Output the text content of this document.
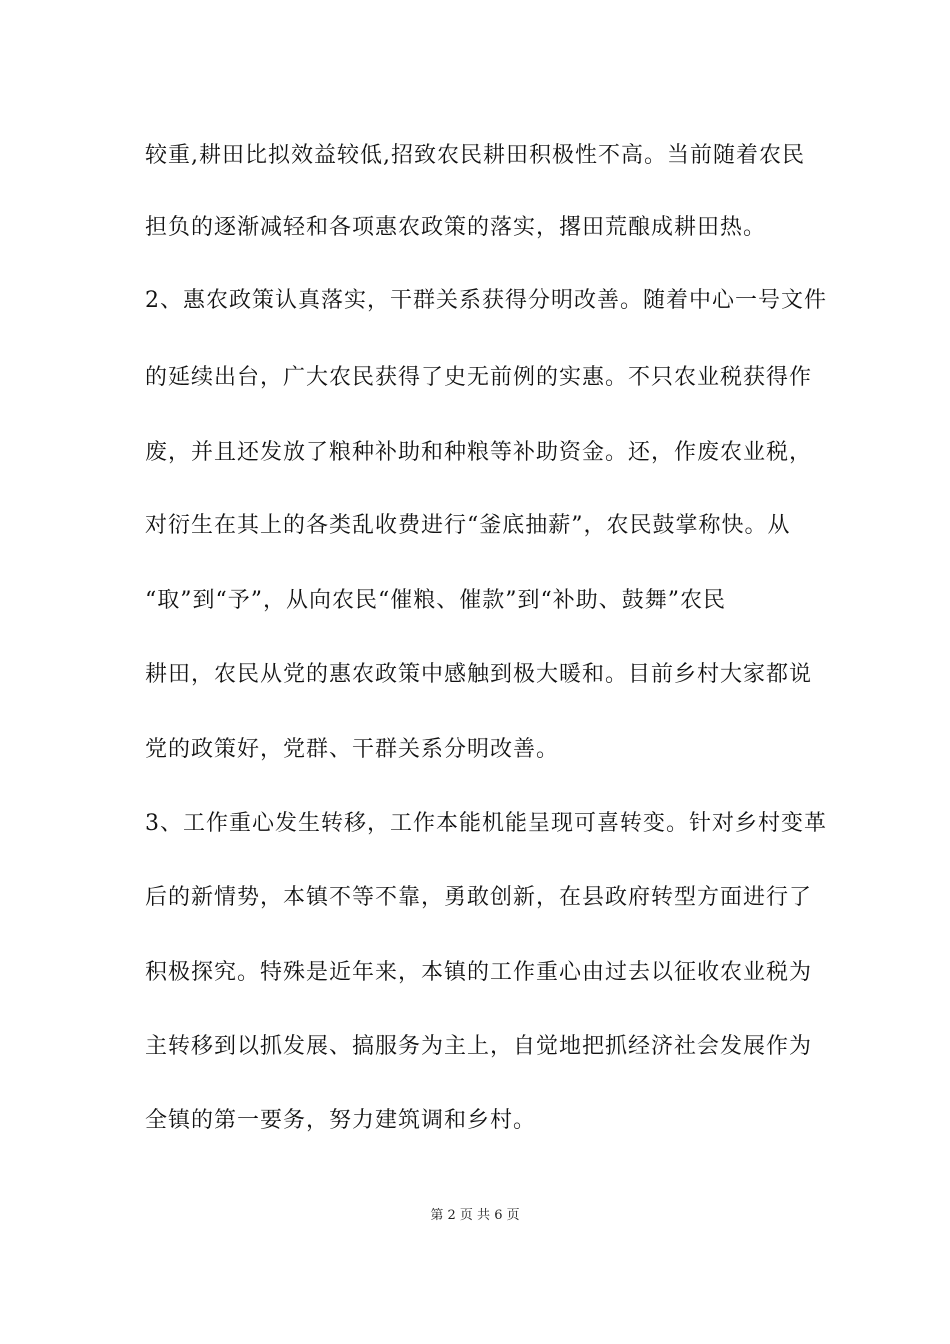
较重,耕田比拟效益较低,招致农民耕田积极性不高。当前随着农民
担负的逐渐减轻和各项惠农政策的落实，撂田荒酿成耕田热。
2、惠农政策认真落实，干群关系获得分明改善。随着中心一号文件
的延续出台，广大农民获得了史无前例的实惠。不只农业税获得作
废，并且还发放了粮种补助和种粮等补助资金。还，作废农业税，
对衍生在其上的各类乱收费进行“釜底抽薪”，农民鼓掌称快。从
“取”到“予”，从向农民“催粮、催款”到“补助、鼓舞”农民
耕田，农民从党的惠农政策中感触到极大暖和。目前乡村大家都说
党的政策好，党群、干群关系分明改善。
3、工作重心发生转移，工作本能机能呈现可喜转变。针对乡村变革
后的新情势，本镇不等不靠，勇敢创新，在县政府转型方面进行了
积极探究。特殊是近年来，本镇的工作重心由过去以征收农业税为
主转移到以抓发展、搞服务为主上，自觉地把抓经济社会发展作为
全镇的第一要务，努力建筑调和乡村。
第 2 页 共 6 页
